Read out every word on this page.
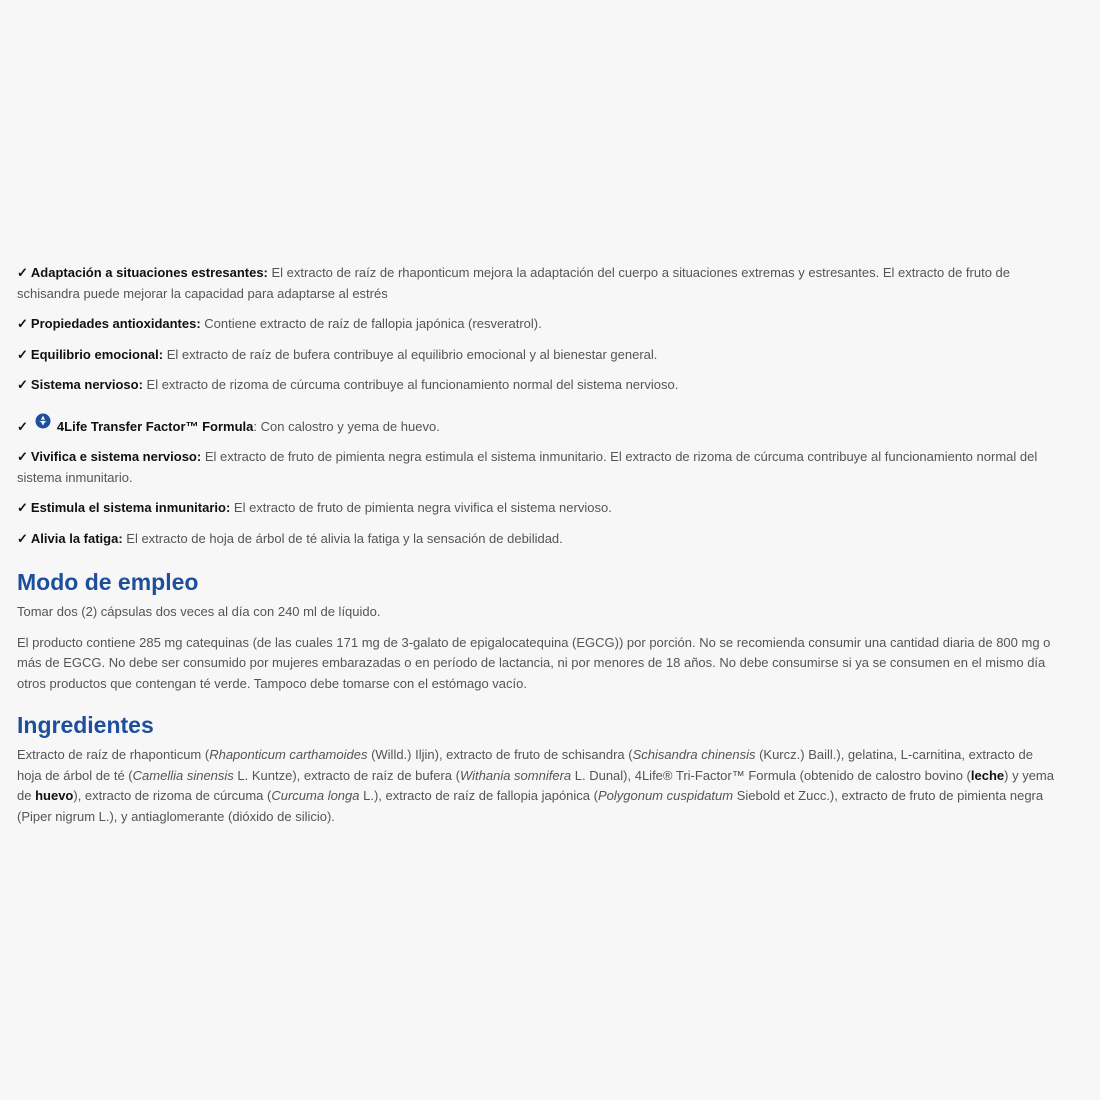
✓ Adaptación a situaciones estresantes: El extracto de raíz de rhaponticum mejora la adaptación del cuerpo a situaciones extremas y estresantes. El extracto de fruto de schisandra puede mejorar la capacidad para adaptarse al estrés

✓ Propiedades antioxidantes: Contiene extracto de raíz de fallopia japónica (resveratrol).

✓ Equilibrio emocional: El extracto de raíz de bufera contribuye al equilibrio emocional y al bienestar general.

✓ Sistema nervioso: El extracto de rizoma de cúrcuma contribuye al funcionamiento normal del sistema nervioso.

✓ 4Life Transfer Factor™ Formula: Con calostro y yema de huevo.

✓ Vivifica e sistema nervioso: El extracto de fruto de pimienta negra estimula el sistema inmunitario. El extracto de rizoma de cúrcuma contribuye al funcionamiento normal del sistema inmunitario.

✓ Estimula el sistema inmunitario: El extracto de fruto de pimienta negra vivifica el sistema nervioso.

✓ Alivia la fatiga: El extracto de hoja de árbol de té alivia la fatiga y la sensación de debilidad.

Modo de empleo

Tomar dos (2) cápsulas dos veces al día con 240 ml de líquido.

El producto contiene 285 mg catequinas (de las cuales 171 mg de 3-galato de epigalocatequina (EGCG)) por porción. No se recomienda consumir una cantidad diaria de 800 mg o más de EGCG. No debe ser consumido por mujeres embarazadas o en período de lactancia, ni por menores de 18 años. No debe consumirse si ya se consumen en el mismo día otros productos que contengan té verde. Tampoco debe tomarse con el estómago vacío.

Ingredientes

Extracto de raíz de rhaponticum (Rhaponticum carthamoides (Willd.) Iljin), extracto de fruto de schisandra (Schisandra chinensis (Kurcz.) Baill.), gelatina, L-carnitina, extracto de hoja de árbol de té (Camellia sinensis L. Kuntze), extracto de raíz de bufera (Withania somnifera L. Dunal), 4Life® Tri-Factor™ Formula (obtenido de calostro bovino (leche) y yema de huevo), extracto de rizoma de cúrcuma (Curcuma longa L.), extracto de raíz de fallopia japónica (Polygonum cuspidatum Siebold et Zucc.), extracto de fruto de pimienta negra (Piper nigrum L.), y antiaglomerante (dióxido de silicio).
